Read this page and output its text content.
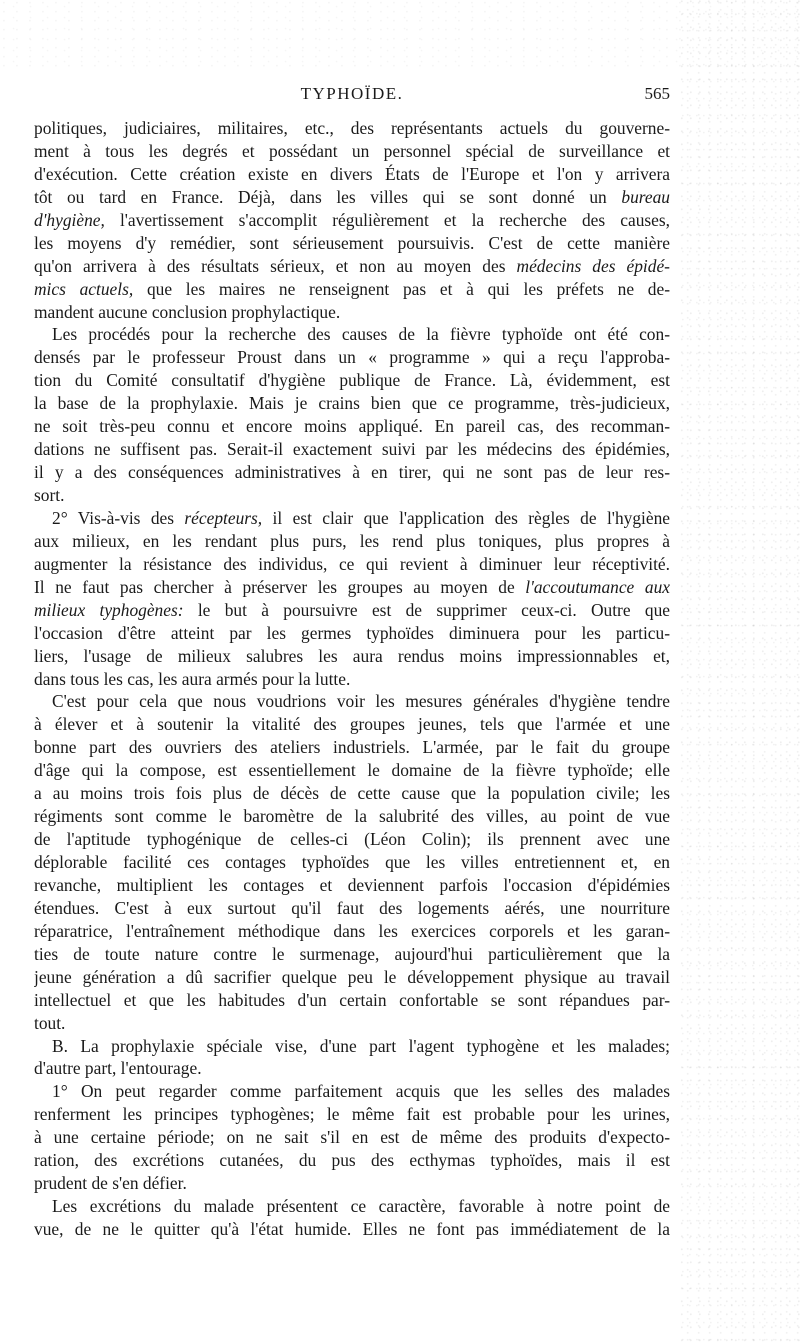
TYPHOÏDE.	565
politiques, judiciaires, militaires, etc., des représentants actuels du gouverne-
ment à tous les degrés et possédant un personnel spécial de surveillance et
d'exécution. Cette création existe en divers États de l'Europe et l'on y arrivera
tôt ou tard en France. Déjà, dans les villes qui se sont donné un bureau
d'hygiène, l'avertissement s'accomplit régulièrement et la recherche des causes,
les moyens d'y remédier, sont sérieusement poursuivis. C'est de cette manière
qu'on arrivera à des résultats sérieux, et non au moyen des médecins des épidé-
mics actuels, que les maires ne renseignent pas et à qui les préfets ne de-
mandent aucune conclusion prophylactique.
Les procédés pour la recherche des causes de la fièvre typhoïde ont été con-
densés par le professeur Proust dans un « programme » qui a reçu l'approba-
tion du Comité consultatif d'hygiène publique de France. Là, évidemment, est
la base de la prophylaxie. Mais je crains bien que ce programme, très-judicieux,
ne soit très-peu connu et encore moins appliqué. En pareil cas, des recomman-
dations ne suffisent pas. Serait-il exactement suivi par les médecins des épidémies,
il y a des conséquences administratives à en tirer, qui ne sont pas de leur res-
sort.
2° Vis-à-vis des récepteurs, il est clair que l'application des règles de l'hygiène
aux milieux, en les rendant plus purs, les rend plus toniques, plus propres à
augmenter la résistance des individus, ce qui revient à diminuer leur réceptivité.
Il ne faut pas chercher à préserver les groupes au moyen de l'accoutumance aux
milieux typhogènes: le but à poursuivre est de supprimer ceux-ci. Outre que
l'occasion d'être atteint par les germes typhoïdes diminuera pour les particu-
liers, l'usage de milieux salubres les aura rendus moins impressionnables et,
dans tous les cas, les aura armés pour la lutte.
C'est pour cela que nous voudrions voir les mesures générales d'hygiène tendre
à élever et à soutenir la vitalité des groupes jeunes, tels que l'armée et une
bonne part des ouvriers des ateliers industriels. L'armée, par le fait du groupe
d'âge qui la compose, est essentiellement le domaine de la fièvre typhoïde; elle
a au moins trois fois plus de décès de cette cause que la population civile; les
régiments sont comme le baromètre de la salubrité des villes, au point de vue
de l'aptitude typhogénique de celles-ci (Léon Colin); ils prennent avec une
déplorable facilité ces contages typhoïdes que les villes entretiennent et, en
revanche, multiplient les contages et deviennent parfois l'occasion d'épidémies
étendues. C'est à eux surtout qu'il faut des logements aérés, une nourriture
réparatrice, l'entraînement méthodique dans les exercices corporels et les garan-
ties de toute nature contre le surmenage, aujourd'hui particulièrement que la
jeune génération a dû sacrifier quelque peu le développement physique au travail
intellectuel et que les habitudes d'un certain confortable se sont répandues par-
tout.
B. La prophylaxie spéciale vise, d'une part l'agent typhogène et les malades;
d'autre part, l'entourage.
1° On peut regarder comme parfaitement acquis que les selles des malades
renferment les principes typhogènes; le même fait est probable pour les urines,
à une certaine période; on ne sait s'il en est de même des produits d'expecto-
ration, des excrétions cutanées, du pus des ecthymas typhoïdes, mais il est
prudent de s'en défier.
Les excrétions du malade présentent ce caractère, favorable à notre point de
vue, de ne le quitter qu'à l'état humide. Elles ne font pas immédiatement de la
